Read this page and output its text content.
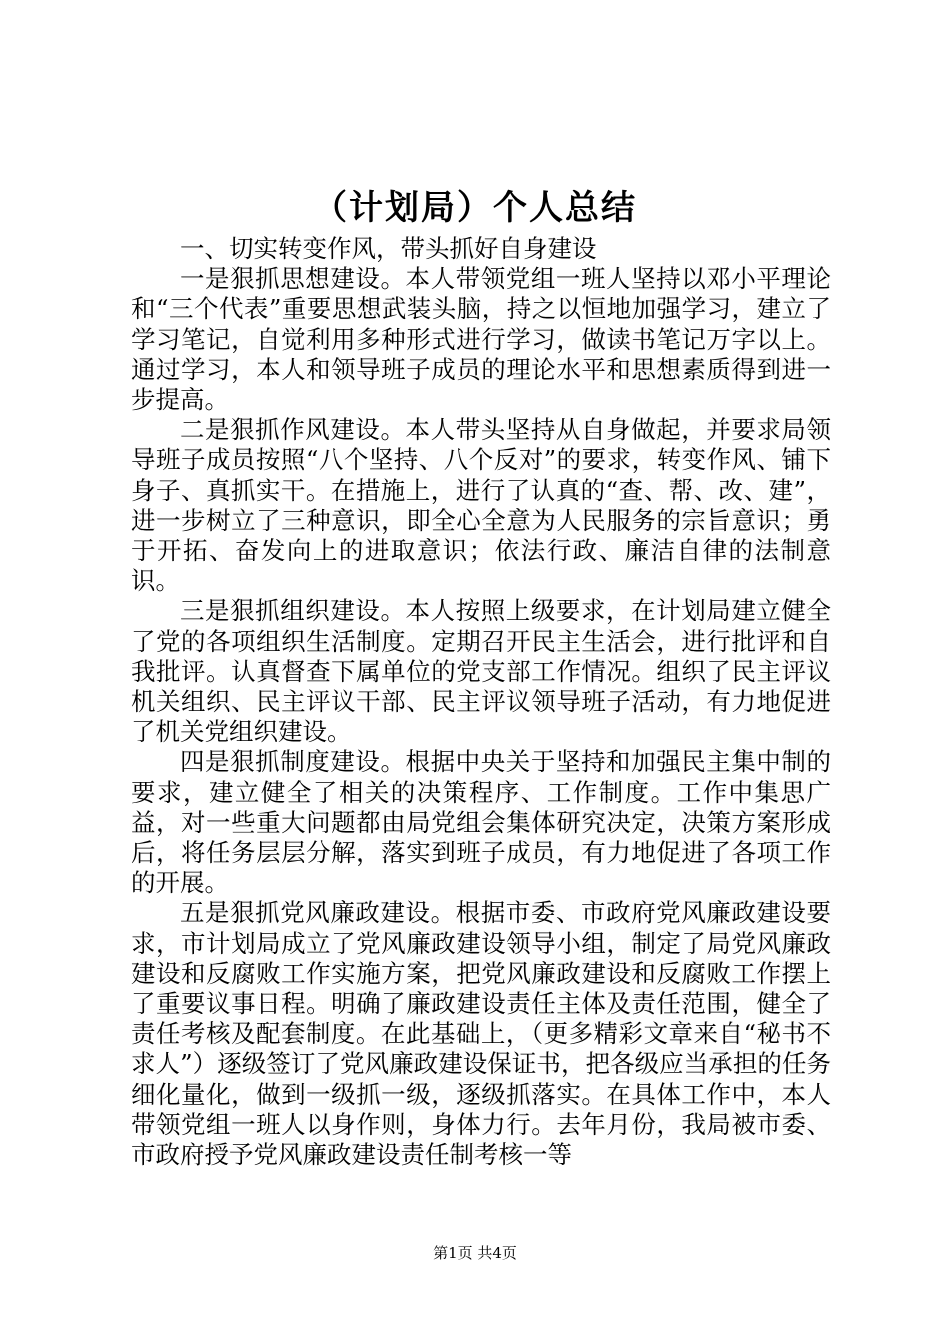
（计划局）个人总结

一、切实转变作风，带头抓好自身建设

一是狠抓思想建设。本人带领党组一班人坚持以邓小平理论和“三个代表”重要思想武装头脑，持之以恒地加强学习，建立了学习笔记，自觉利用多种形式进行学习，做读书笔记万字以上。通过学习，本人和领导班子成员的理论水平和思想素质得到进一步提高。

二是狠抓作风建设。本人带头坚持从自身做起，并要求局领导班子成员按照“八个坚持、八个反对”的要求，转变作风、铺下身子、真抓实干。在措施上，进行了认真的“查、帮、改、建”，进一步树立了三种意识，即全心全意为人民服务的宗旨意识；勇于开拓、奋发向上的进取意识；依法行政、廉洁自律的法制意识。

三是狠抓组织建设。本人按照上级要求，在计划局建立健全了党的各项组织生活制度。定期召开民主生活会，进行批评和自我批评。认真督查下属单位的党支部工作情况。组织了民主评议机关组织、民主评议干部、民主评议领导班子活动，有力地促进了机关党组织建设。

四是狠抓制度建设。根据中央关于坚持和加强民主集中制的要求，建立健全了相关的决策程序、工作制度。工作中集思广益，对一些重大问题都由局党组会集体研究决定，决策方案形成后，将任务层层分解，落实到班子成员，有力地促进了各项工作的开展。

五是狠抓党风廉政建设。根据市委、市政府党风廉政建设要求，市计划局成立了党风廉政建设领导小组，制定了局党风廉政建设和反腐败工作实施方案，把党风廉政建设和反腐败工作摆上了重要议事日程。明确了廉政建设责任主体及责任范围，健全了责任考核及配套制度。在此基础上，（更多精彩文章来自“秘书不求人”）逐级签订了党风廉政建设保证书，把各级应当承担的任务细化量化，做到一级抓一级，逐级抓落实。在具体工作中，本人带领党组一班人以身作则，身体力行。去年月份，我局被市委、市政府授予党风廉政建设责任制考核一等

第1页 共4页
